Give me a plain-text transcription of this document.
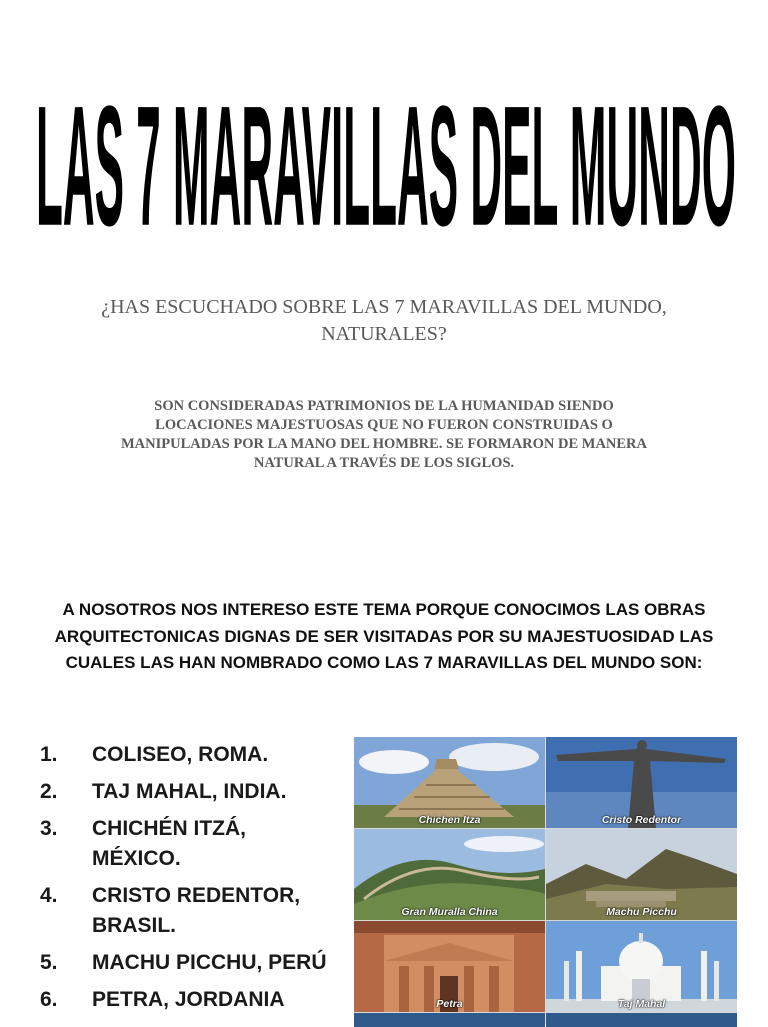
LAS 7 MARAVILLAS DEL MUNDO

¿HAS ESCUCHADO SOBRE LAS 7 MARAVILLAS DEL MUNDO, NATURALES?

SON CONSIDERADAS PATRIMONIOS DE LA HUMANIDAD SIENDO LOCACIONES MAJESTUOSAS QUE NO FUERON CONSTRUIDAS O MANIPULADAS POR LA MANO DEL HOMBRE. SE FORMARON DE MANERA NATURAL A TRAVÉS DE LOS SIGLOS.

A NOSOTROS NOS INTERESO ESTE TEMA PORQUE CONOCIMOS LAS OBRAS ARQUITECTONICAS DIGNAS DE SER VISITADAS POR SU MAJESTUOSIDAD LAS CUALES LAS HAN NOMBRADO COMO LAS 7 MARAVILLAS DEL MUNDO SON:

1.	COLISEO, ROMA.
2.	TAJ MAHAL, INDIA.
3.	CHICHÉN ITZÁ, MÉXICO.
4.	CRISTO REDENTOR, BRASIL.
5.	MACHU PICCHU, PERÚ
6.	PETRA, JORDANIA
Chichen Itza	Cristo Redentor
Gran Muralla China	Machu Picchu
Petra	Taj Mahal
